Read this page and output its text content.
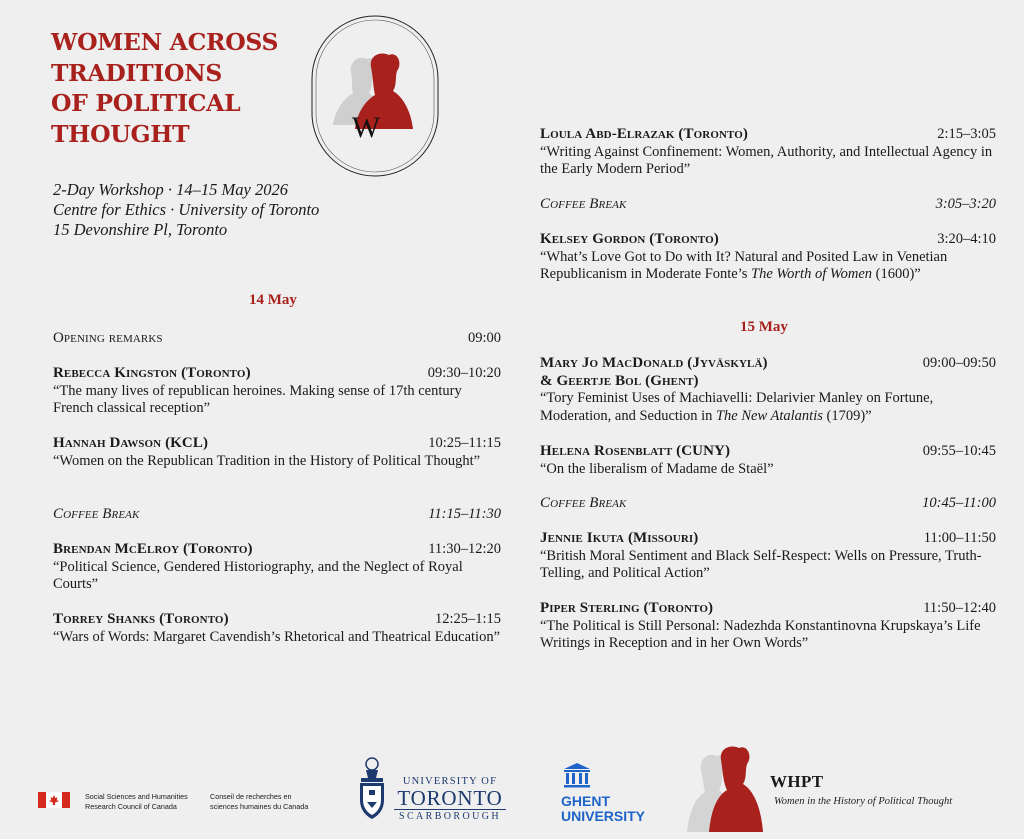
WOMEN ACROSS
TRADITIONS
OF POLITICAL
THOUGHT	W
2-Day Workshop · 14–15 May 2026
Centre for Ethics · University of Toronto
15 Devonshire Pl, Toronto
14 May
Opening remarks	09:00
Rebecca Kingston (Toronto)	09:30–10:20
“The many lives of republican heroines. Making sense of 17th century French classical reception”
Hannah Dawson (KCL)	10:25–11:15
“Women on the Republican Tradition in the History of Political Thought”
Coffee Break	11:15–11:30
Brendan McElroy (Toronto)	11:30–12:20
“Political Science, Gendered Historiography, and the Neglect of Royal Courts”
Torrey Shanks (Toronto)	12:25–1:15
“Wars of Words: Margaret Cavendish’s Rhetorical and Theatrical Education”
Loula Abd-Elrazak (Toronto)	2:15–3:05
“Writing Against Confinement: Women, Authority, and Intellectual Agency in the Early Modern Period”
Coffee Break	3:05–3:20
Kelsey Gordon (Toronto)	3:20–4:10
“What’s Love Got to Do with It? Natural and Posited Law in Venetian Republicanism in Moderate Fonte’s The Worth of Women (1600)”
15 May
Mary Jo MacDonald (Jyväskylä)	09:00–09:50
& Geertje Bol (Ghent)
“Tory Feminist Uses of Machiavelli: Delarivier Manley on Fortune, Moderation, and Seduction in The New Atalantis (1709)”
Helena Rosenblatt (CUNY)	09:55–10:45
“On the liberalism of Madame de Staël”
Coffee Break	10:45–11:00
Jennie Ikuta (Missouri)	11:00–11:50
“British Moral Sentiment and Black Self-Respect: Wells on Pressure, Truth-Telling, and Political Action”
Piper Sterling (Toronto)	11:50–12:40
“The Political is Still Personal: Nadezhda Konstantinovna Krupskaya’s Life Writings in Reception and in her Own Words”
Social Sciences and Humanities
Research Council of Canada
Conseil de recherches en
sciences humaines du Canada
UNIVERSITY OF
TORONTO
SCARBOROUGH
GHENT
UNIVERSITY
WHPT
Women in the History of Political Thought
